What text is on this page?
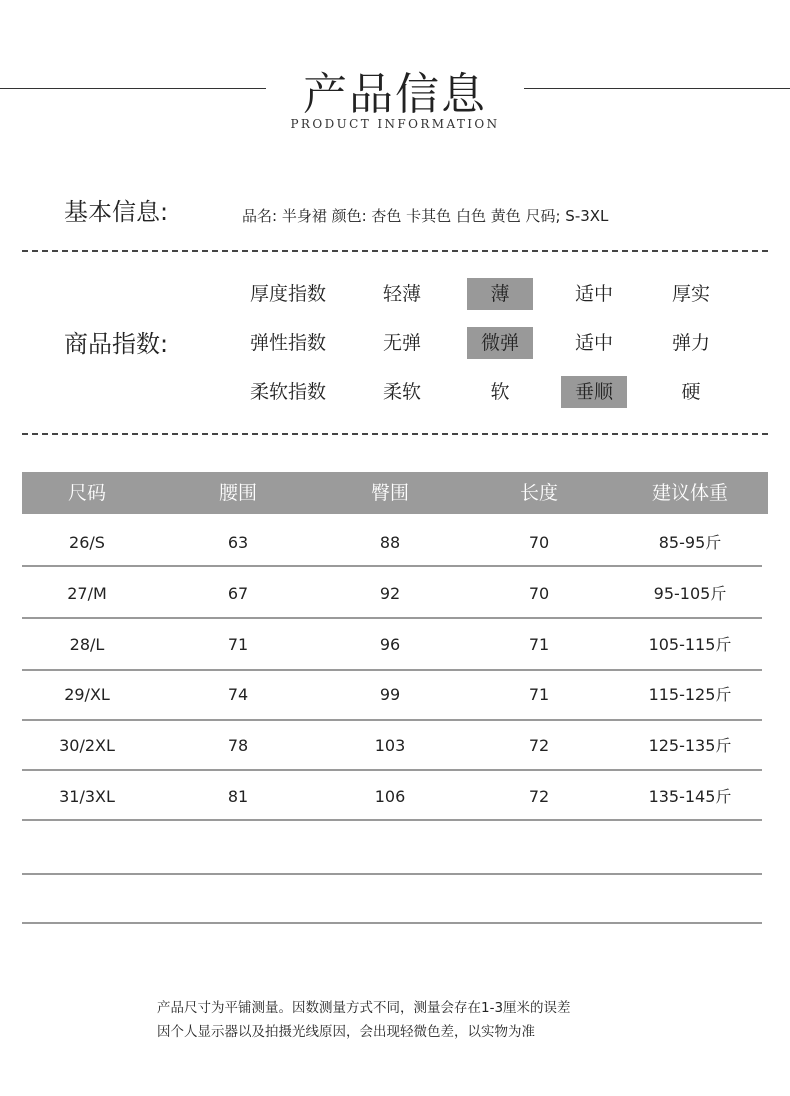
产品信息
PRODUCT INFORMATION
基本信息:	品名: 半身裙 颜色: 杏色 卡其色 白色 黄色 尺码; S-3XL
商品指数:
厚度指数	轻薄	薄	适中	厚实
弹性指数	无弹	微弹	适中	弹力
柔软指数	柔软	软	垂顺	硬
尺码	腰围	臀围	长度	建议体重
26/S	63	88	70	85-95斤
27/M	67	92	70	95-105斤
28/L	71	96	71	105-115斤
29/XL	74	99	71	115-125斤
30/2XL	78	103	72	125-135斤
31/3XL	81	106	72	135-145斤
产品尺寸为平铺测量。因数测量方式不同，测量会存在1-3厘米的误差
因个人显示器以及拍摄光线原因，会出现轻微色差，以实物为准
